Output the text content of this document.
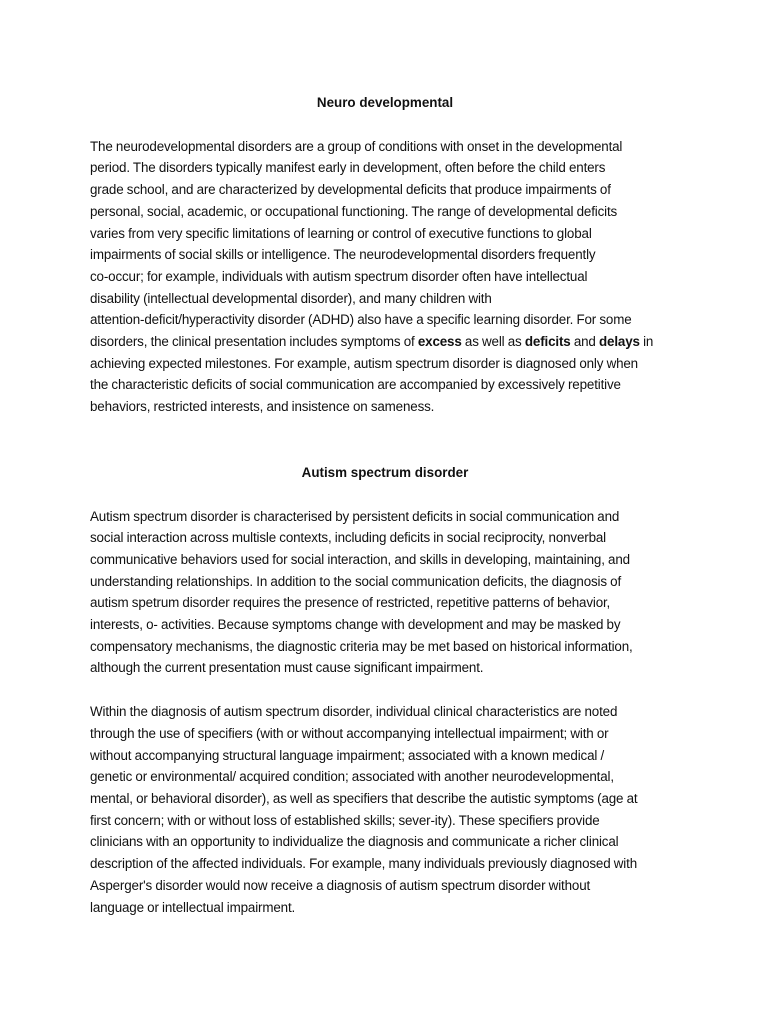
Neuro developmental

The neurodevelopmental disorders are a group of conditions with onset in the developmental
period. The disorders typically manifest early in development, often before the child enters
grade school, and are characterized by developmental deficits that produce impairments of
personal, social, academic, or occupational functioning. The range of developmental deficits
varies from very specific limitations of learning or control of executive functions to global
impairments of social skills or intelligence. The neurodevelopmental disorders frequently
co-occur; for example, individuals with autism spectrum disorder often have intellectual
disability (intellectual developmental disorder), and many children with
attention-deficit/hyperactivity disorder (ADHD) also have a specific learning disorder. For some
disorders, the clinical presentation includes symptoms of excess as well as deficits and delays in
achieving expected milestones. For example, autism spectrum disorder is diagnosed only when
the characteristic deficits of social communication are accompanied by excessively repetitive
behaviors, restricted interests, and insistence on sameness.

Autism spectrum disorder

Autism spectrum disorder is characterised by persistent deficits in social communication and
social interaction across multisle contexts, including deficits in social reciprocity, nonverbal
communicative behaviors used for social interaction, and skills in developing, maintaining, and
understanding relationships. In addition to the social communication deficits, the diagnosis of
autism spetrum disorder requires the presence of restricted, repetitive patterns of behavior,
interests, o- activities. Because symptoms change with development and may be masked by
compensatory mechanisms, the diagnostic criteria may be met based on historical information,
although the current presentation must cause significant impairment.

Within the diagnosis of autism spectrum disorder, individual clinical characteristics are noted
through the use of specifiers (with or without accompanying intellectual impairment; with or
without accompanying structural language impairment; associated with a known medical /
genetic or environmental/ acquired condition; associated with another neurodevelopmental,
mental, or behavioral disorder), as well as specifiers that describe the autistic symptoms (age at
first concern; with or without loss of established skills; sever-ity). These specifiers provide
clinicians with an opportunity to individualize the diagnosis and communicate a richer clinical
description of the affected individuals. For example, many individuals previously diagnosed with
Asperger's disorder would now receive a diagnosis of autism spectrum disorder without
language or intellectual impairment.
